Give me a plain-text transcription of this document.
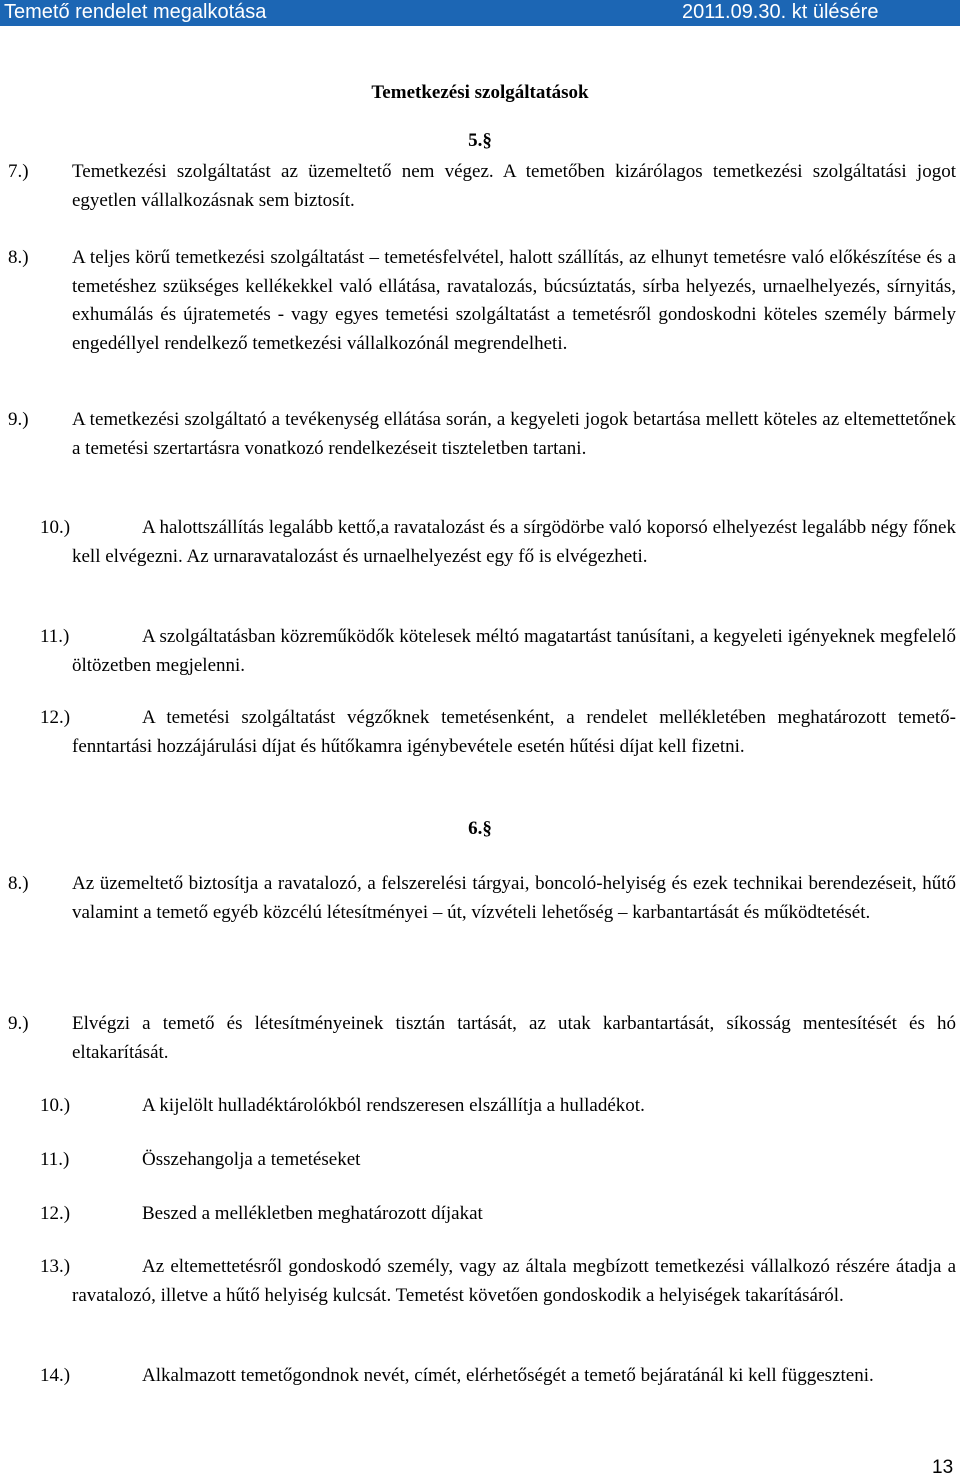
Temető rendelet megalkotása	2011.09.30. kt ülésére
Temetkezési szolgáltatások
5.§
7.) Temetkezési szolgáltatást az üzemeltető nem végez. A temetőben kizárólagos temetkezési szolgáltatási jogot egyetlen vállalkozásnak sem biztosít.
8.) A teljes körű temetkezési szolgáltatást – temetésfelvétel, halott szállítás, az elhunyt temetésre való előkészítése és a temetéshez szükséges kellékekkel való ellátása, ravatalozás, búcsúztatás, sírba helyezés, urnaelhelyezés, sírnyitás, exhumálás és újratemetés - vagy egyes temetési szolgáltatást a temetésről gondoskodni köteles személy bármely engedéllyel rendelkező temetkezési vállalkozónál megrendelheti.
9.) A temetkezési szolgáltató a tevékenység ellátása során, a kegyeleti jogok betartása mellett köteles az eltemettetőnek a temetési szertartásra vonatkozó rendelkezéseit tiszteletben tartani.
10.)	A halottszállítás legalább kettő,a ravatalozást és a sírgödörbe való koporsó elhelyezést legalább négy főnek kell elvégezni. Az urnaravatalozást és urnaelhelyezést egy fő is elvégezheti.
11.)	A szolgáltatásban közreműködők kötelesek méltó magatartást tanúsítani, a kegyeleti igényeknek megfelelő öltözetben megjelenni.
12.)	A temetési szolgáltatást végzőknek temetésenként, a rendelet mellékletében meghatározott temető-fenntartási hozzájárulási díjat és hűtőkamra igénybevétele esetén hűtési díjat kell fizetni.
6.§
8.) Az üzemeltető biztosítja a ravatalozó, a felszerelési tárgyai, boncoló-helyiség és ezek technikai berendezéseit, hűtő valamint a temető egyéb közcélú létesítményei – út, vízvételi lehetőség – karbantartását és működtetését.
9.) Elvégzi a temető és létesítményeinek tisztán tartását, az utak karbantartását, síkosság mentesítését és hó eltakarítását.
10.)	A kijelölt hulladéktárolókból rendszeresen elszállítja a hulladékot.
11.)	Összehangolja a temetéseket
12.)	Beszed a mellékletben meghatározott díjakat
13.)	Az eltemettetésről gondoskodó személy, vagy az általa megbízott temetkezési vállalkozó részére átadja a ravatalozó, illetve a hűtő helyiség kulcsát. Temetést követően gondoskodik a helyiségek takarításáról.
14.)	Alkalmazott temetőgondnok nevét, címét, elérhetőségét a temető bejáratánál ki kell függeszteni.
13
